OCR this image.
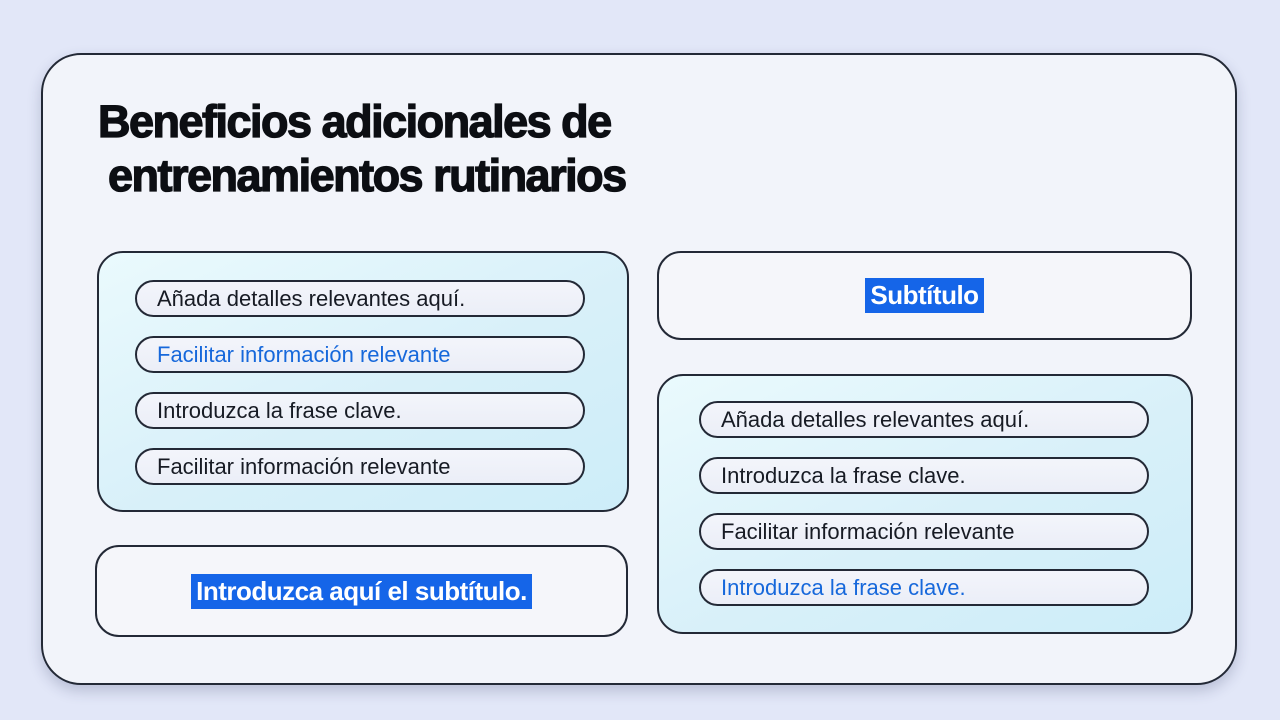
Beneficios adicionales de
entrenamientos rutinarios
Añada detalles relevantes aquí.
Facilitar información relevante
Introduzca la frase clave.
Facilitar información relevante
Introduzca aquí el subtítulo.
Subtítulo
Añada detalles relevantes aquí.
Introduzca la frase clave.
Facilitar información relevante
Introduzca la frase clave.
